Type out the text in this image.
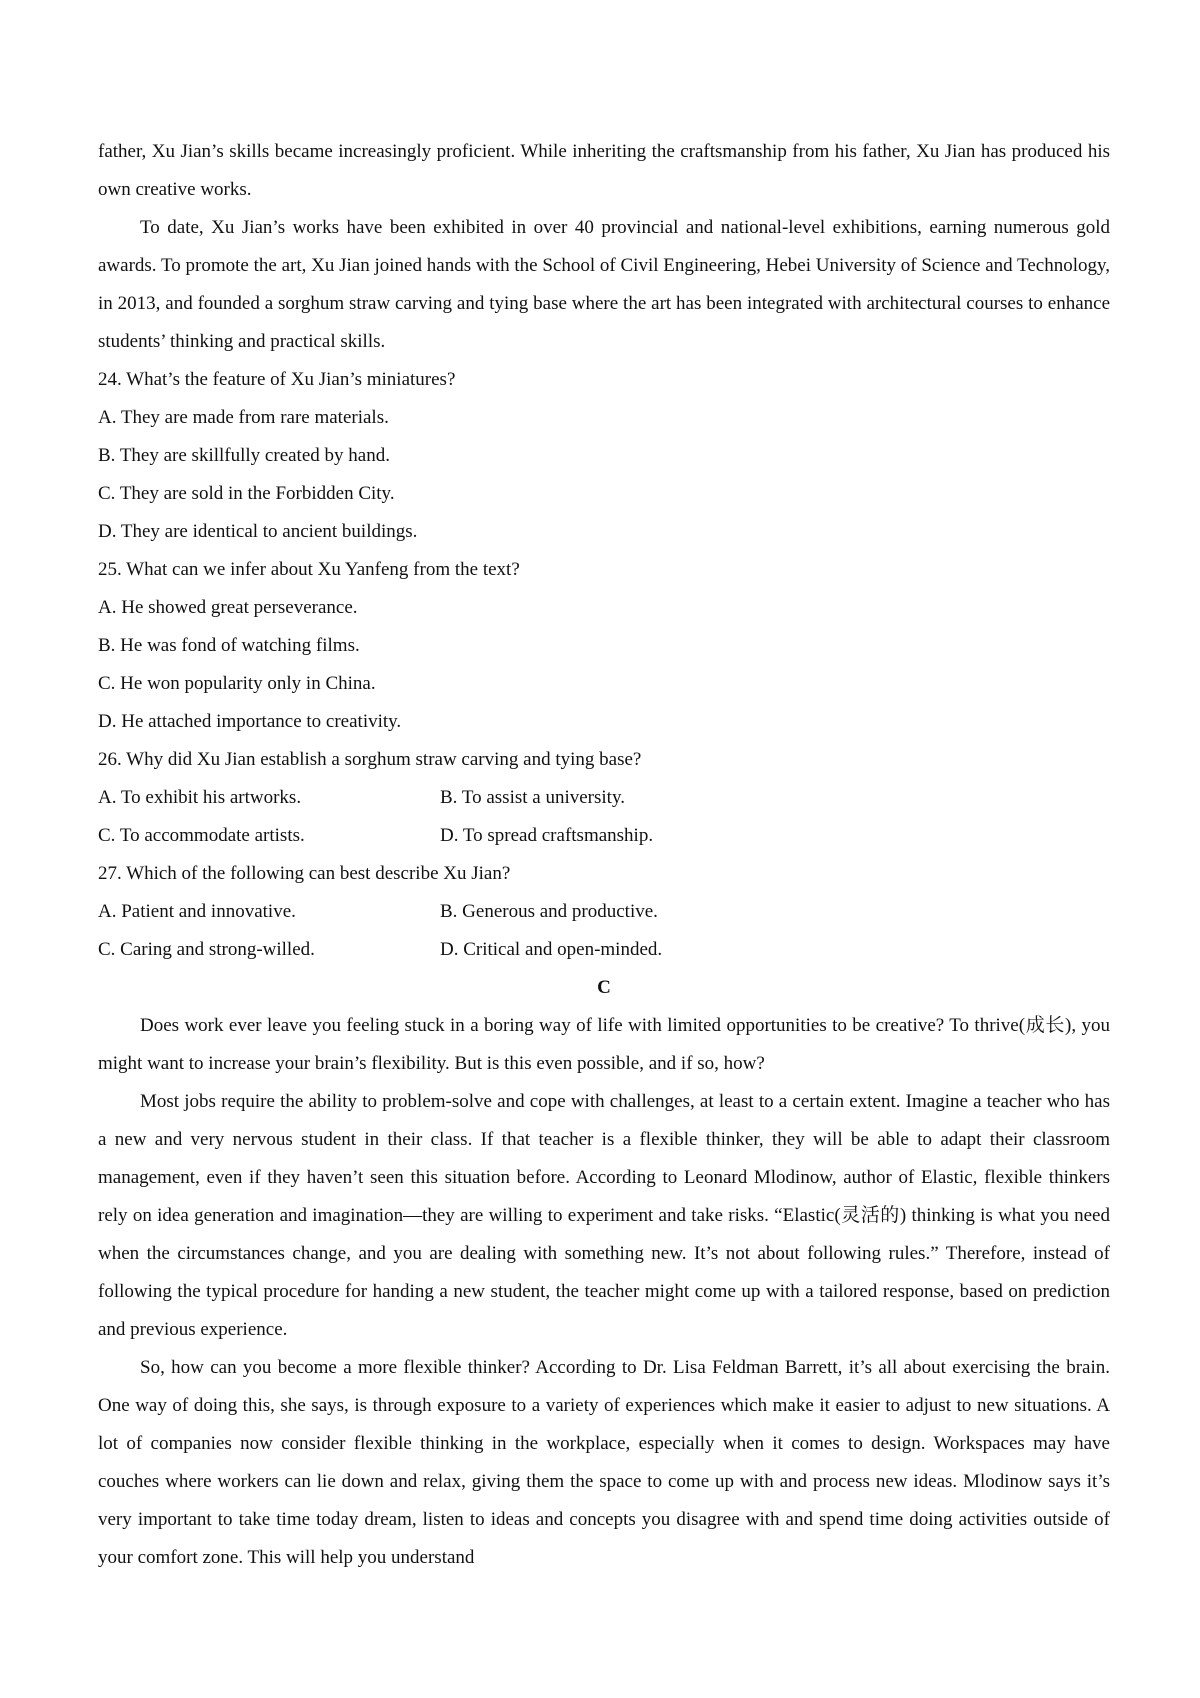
father, Xu Jian’s skills became increasingly proficient. While inheriting the craftsmanship from his father, Xu Jian has produced his own creative works.

To date, Xu Jian’s works have been exhibited in over 40 provincial and national-level exhibitions, earning numerous gold awards. To promote the art, Xu Jian joined hands with the School of Civil Engineering, Hebei University of Science and Technology, in 2013, and founded a sorghum straw carving and tying base where the art has been integrated with architectural courses to enhance students’ thinking and practical skills.

24. What’s the feature of Xu Jian’s miniatures?

A. They are made from rare materials.

B. They are skillfully created by hand.

C. They are sold in the Forbidden City.

D. They are identical to ancient buildings.

25. What can we infer about Xu Yanfeng from the text?

A. He showed great perseverance.

B. He was fond of watching films.

C. He won popularity only in China.

D. He attached importance to creativity.

26. Why did Xu Jian establish a sorghum straw carving and tying base?

A. To exhibit his artworks.	B. To assist a university.
C. To accommodate artists.	D. To spread craftsmanship.

27. Which of the following can best describe Xu Jian?

A. Patient and innovative.	B. Generous and productive.
C. Caring and strong-willed.	D. Critical and open-minded.

C

Does work ever leave you feeling stuck in a boring way of life with limited opportunities to be creative? To thrive(成长), you might want to increase your brain’s flexibility. But is this even possible, and if so, how?

Most jobs require the ability to problem-solve and cope with challenges, at least to a certain extent. Imagine a teacher who has a new and very nervous student in their class. If that teacher is a flexible thinker, they will be able to adapt their classroom management, even if they haven’t seen this situation before. According to Leonard Mlodinow, author of Elastic, flexible thinkers rely on idea generation and imagination—they are willing to experiment and take risks. “Elastic(灵活的) thinking is what you need when the circumstances change, and you are dealing with something new. It’s not about following rules.” Therefore, instead of following the typical procedure for handing a new student, the teacher might come up with a tailored response, based on prediction and previous experience.

So, how can you become a more flexible thinker? According to Dr. Lisa Feldman Barrett, it’s all about exercising the brain. One way of doing this, she says, is through exposure to a variety of experiences which make it easier to adjust to new situations. A lot of companies now consider flexible thinking in the workplace, especially when it comes to design. Workspaces may have couches where workers can lie down and relax, giving them the space to come up with and process new ideas. Mlodinow says it’s very important to take time today dream, listen to ideas and concepts you disagree with and spend time doing activities outside of your comfort zone. This will help you understand
